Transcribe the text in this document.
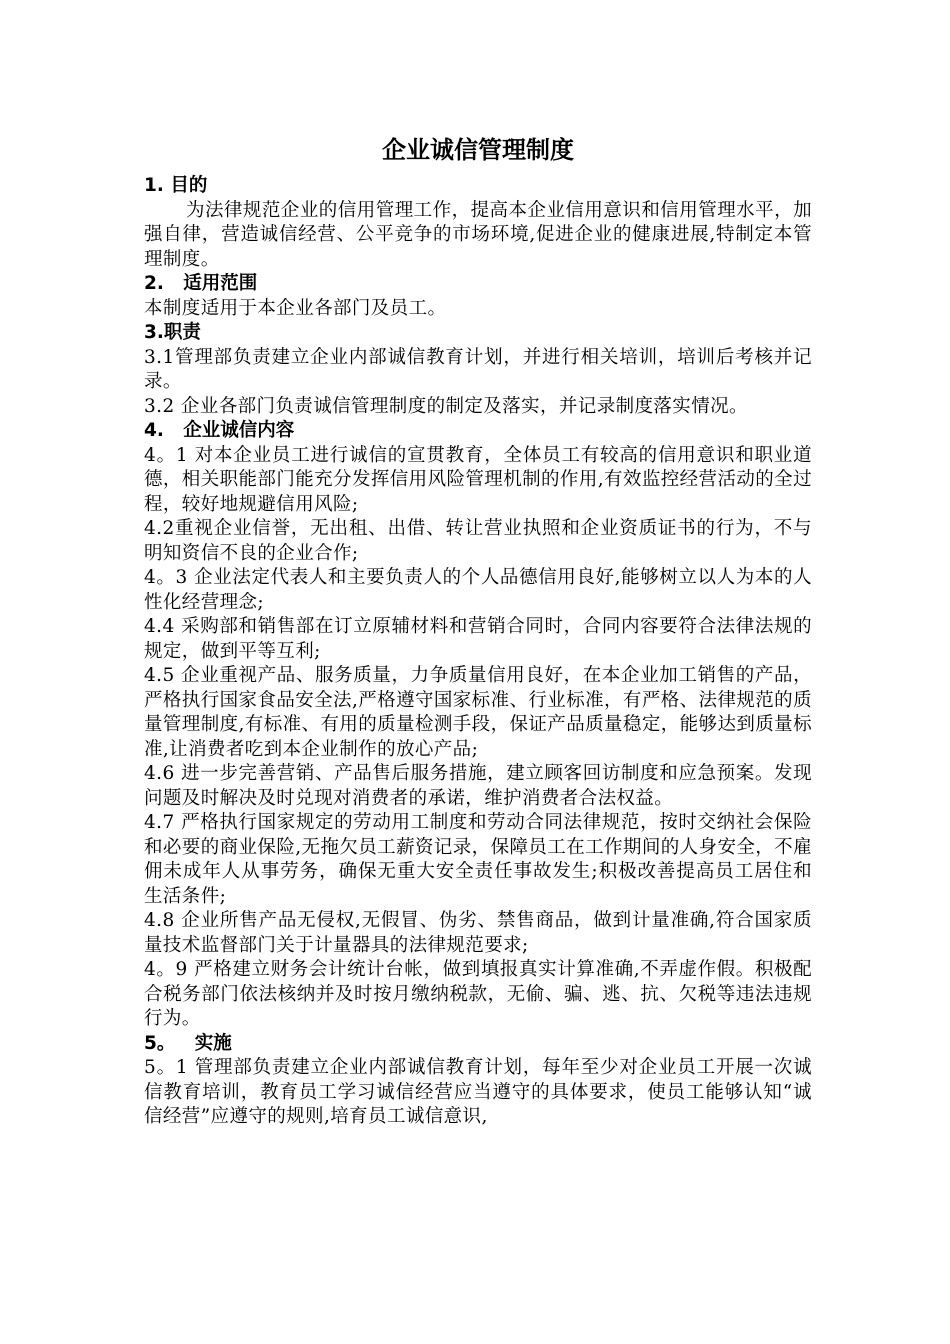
企业诚信管理制度
1. 目的

为法律规范企业的信用管理工作，提高本企业信用意识和信用管理水平，加强自律，营造诚信经营、公平竞争的市场环境,促进企业的健康进展,特制定本管理制度。

2.   适用范围

本制度适用于本企业各部门及员工。

3.职责

3.1管理部负责建立企业内部诚信教育计划，并进行相关培训，培训后考核并记录。

3.2 企业各部门负责诚信管理制度的制定及落实，并记录制度落实情况。

4.   企业诚信内容

4。1 对本企业员工进行诚信的宣贯教育，全体员工有较高的信用意识和职业道德，相关职能部门能充分发挥信用风险管理机制的作用,有效监控经营活动的全过程，较好地规避信用风险;

4.2重视企业信誉，无出租、出借、转让营业执照和企业资质证书的行为，不与明知资信不良的企业合作;

4。3 企业法定代表人和主要负责人的个人品德信用良好,能够树立以人为本的人性化经营理念;

4.4 采购部和销售部在订立原辅材料和营销合同时，合同内容要符合法律法规的规定，做到平等互利;

4.5 企业重视产品、服务质量，力争质量信用良好，在本企业加工销售的产品，严格执行国家食品安全法,严格遵守国家标准、行业标准，有严格、法律规范的质量管理制度,有标准、有用的质量检测手段，保证产品质量稳定，能够达到质量标准,让消费者吃到本企业制作的放心产品;

4.6 进一步完善营销、产品售后服务措施，建立顾客回访制度和应急预案。发现问题及时解决及时兑现对消费者的承诺，维护消费者合法权益。

4.7 严格执行国家规定的劳动用工制度和劳动合同法律规范，按时交纳社会保险和必要的商业保险,无拖欠员工薪资记录，保障员工在工作期间的人身安全，不雇佣未成年人从事劳务，确保无重大安全责任事故发生;积极改善提高员工居住和生活条件;

4.8 企业所售产品无侵权,无假冒、伪劣、禁售商品，做到计量准确,符合国家质量技术监督部门关于计量器具的法律规范要求;

4。9 严格建立财务会计统计台帐，做到填报真实计算准确,不弄虚作假。积极配合税务部门依法核纳并及时按月缴纳税款，无偷、骗、逃、抗、欠税等违法违规行为。

5。   实施

5。1 管理部负责建立企业内部诚信教育计划，每年至少对企业员工开展一次诚信教育培训，教育员工学习诚信经营应当遵守的具体要求，使员工能够认知“诚信经营”应遵守的规则,培育员工诚信意识,
